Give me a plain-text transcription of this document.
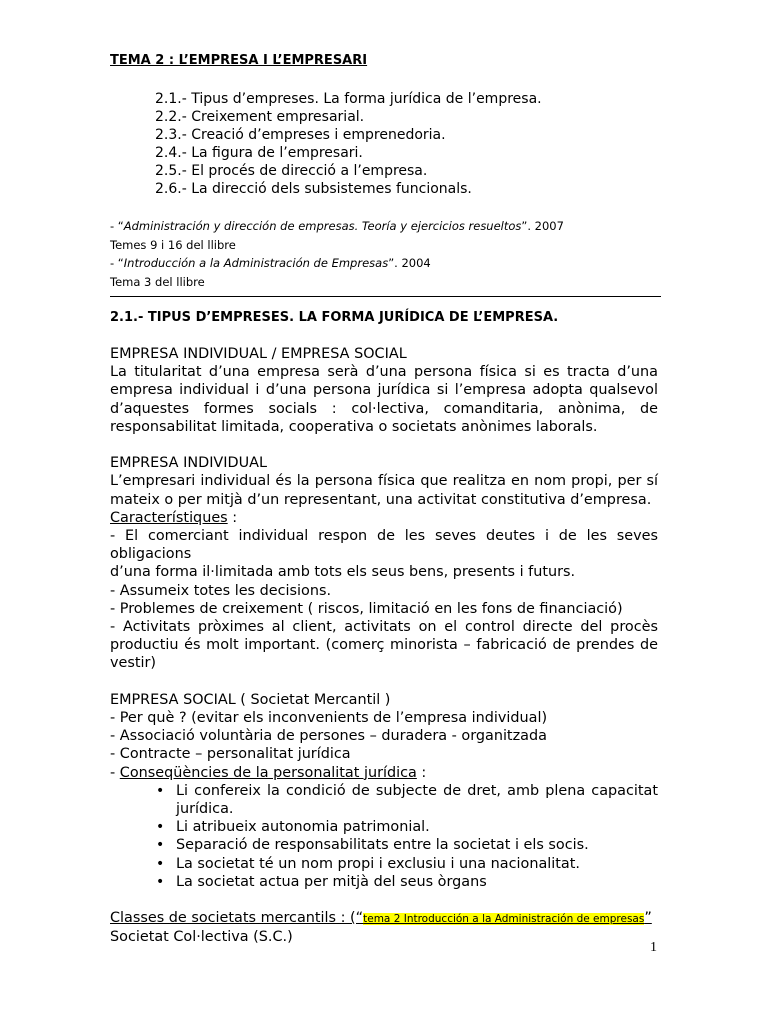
TEMA 2 : L’EMPRESA I L’EMPRESARI
2.1.- Tipus d’empreses. La forma jurídica de l’empresa.
2.2.- Creixement empresarial.
2.3.- Creació d’empreses i emprenedoria.
2.4.- La figura de l’empresari.
2.5.- El procés de direcció a l’empresa.
2.6.- La direcció dels subsistemes funcionals.
- “Administración y dirección de empresas. Teoría y ejercicios resueltos”. 2007
Temes 9 i 16 del llibre
- “Introducción a la Administración de Empresas”. 2004
Tema 3 del llibre
2.1.- TIPUS D’EMPRESES. LA FORMA JURÍDICA DE L’EMPRESA.
EMPRESA INDIVIDUAL / EMPRESA SOCIAL
La titularitat d’una empresa serà d’una persona física si es tracta d’una
empresa individual i d’una persona jurídica si l’empresa adopta qualsevol
d’aquestes formes socials : col·lectiva, comanditaria, anònima, de
responsabilitat limitada, cooperativa o societats anònimes laborals.
EMPRESA INDIVIDUAL
L’empresari individual és la persona física que realitza en nom propi, per sí
mateix o per mitjà d’un representant, una activitat constitutiva d’empresa.
Característiques :
- El comerciant individual respon de les seves deutes i de les seves obligacions
d’una forma il·limitada amb tots els seus bens, presents i futurs.
- Assumeix totes les decisions.
- Problemes de creixement ( riscos, limitació en les fons de financiació)
- Activitats pròximes al client, activitats on el control directe del procès
productiu és molt important. (comerç minorista – fabricació de prendes de
vestir)
EMPRESA SOCIAL ( Societat Mercantil )
- Per què ? (evitar els inconvenients de l’empresa individual)
- Associació voluntària de persones – duradera - organitzada
- Contracte – personalitat jurídica
- Conseqüències de la personalitat jurídica :
• Li confereix la condició de subjecte de dret, amb plena capacitat
jurídica.
• Li atribueix autonomia patrimonial.
• Separació de responsabilitats entre la societat i els socis.
• La societat té un nom propi i exclusiu i una nacionalitat.
• La societat actua per mitjà del seus òrgans
Classes de societats mercantils : (“tema 2 Introducción a la Administración de empresas”
Societat Col·lectiva (S.C.)
1
